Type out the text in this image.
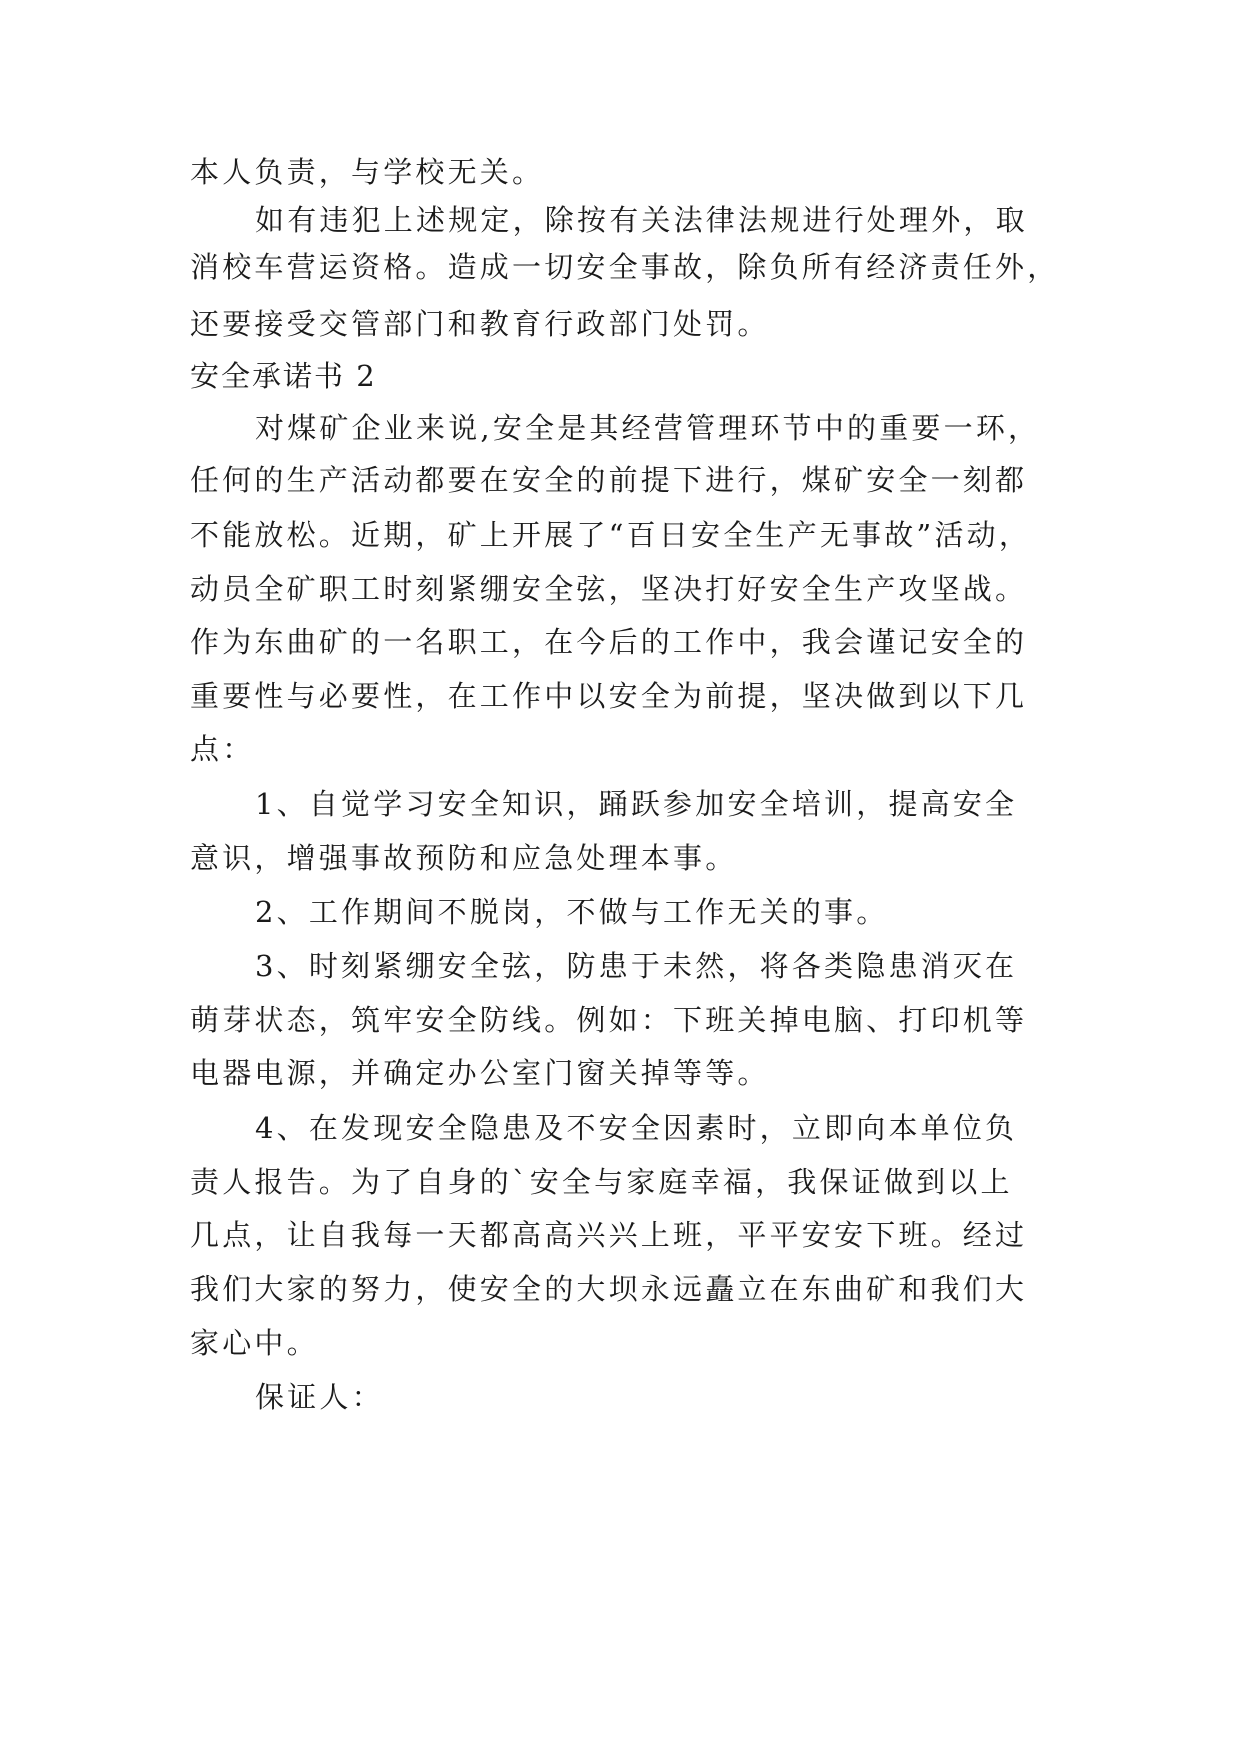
本人负责，与学校无关。
如有违犯上述规定，除按有关法律法规进行处理外，取
消校车营运资格。造成一切安全事故，除负所有经济责任外，
还要接受交管部门和教育行政部门处罚。
安全承诺书 2
对煤矿企业来说,安全是其经营管理环节中的重要一环，
任何的生产活动都要在安全的前提下进行，煤矿安全一刻都
不能放松。近期，矿上开展了“百日安全生产无事故”活动，
动员全矿职工时刻紧绷安全弦，坚决打好安全生产攻坚战。
作为东曲矿的一名职工，在今后的工作中，我会谨记安全的
重要性与必要性，在工作中以安全为前提，坚决做到以下几
点：
1、自觉学习安全知识，踊跃参加安全培训，提高安全
意识，增强事故预防和应急处理本事。
2、工作期间不脱岗，不做与工作无关的事。
3、时刻紧绷安全弦，防患于未然，将各类隐患消灭在
萌芽状态，筑牢安全防线。例如：下班关掉电脑、打印机等
电器电源，并确定办公室门窗关掉等等。
4、在发现安全隐患及不安全因素时，立即向本单位负
责人报告。为了自身的`安全与家庭幸福，我保证做到以上
几点，让自我每一天都高高兴兴上班，平平安安下班。经过
我们大家的努力，使安全的大坝永远矗立在东曲矿和我们大
家心中。
保证人：
